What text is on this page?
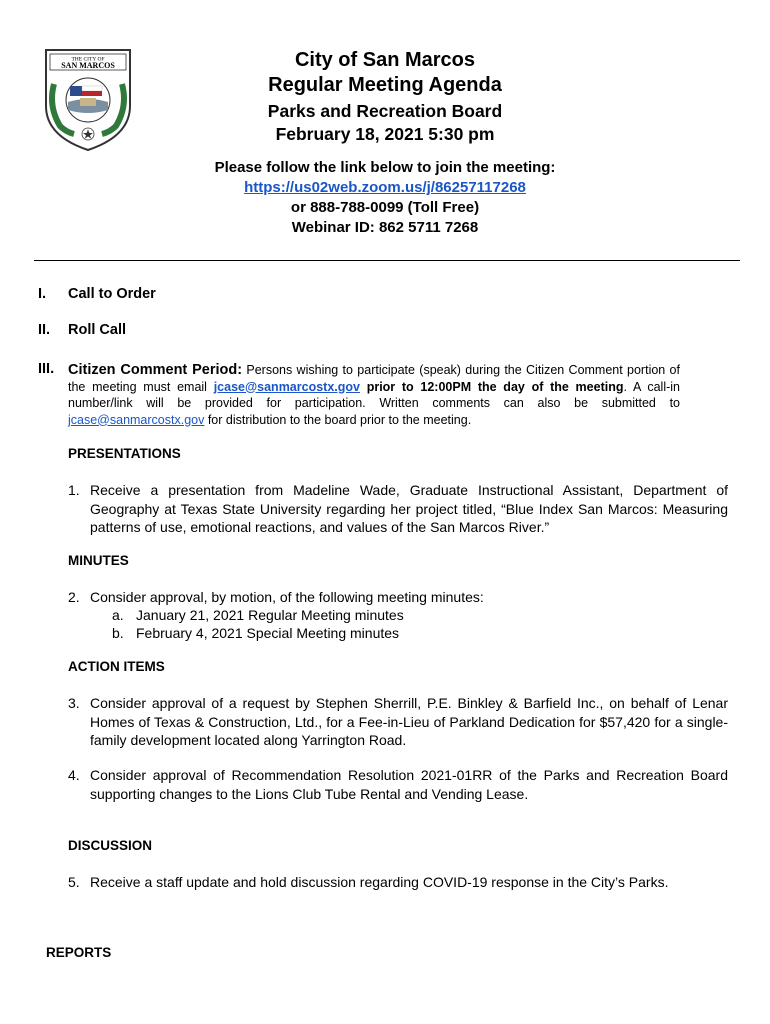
THE CITY OF
SAN MARCOS	City of San Marcos
Regular Meeting Agenda
Parks and Recreation Board
February 18, 2021 5:30 pm
Please follow the link below to join the meeting:
https://us02web.zoom.us/j/86257117268
or 888-788-0099 (Toll Free)
Webinar ID: 862 5711 7268
I. Call to Order
II. Roll Call
III. Citizen Comment Period: Persons wishing to participate (speak) during the Citizen Comment portion of the meeting must email jcase@sanmarcostx.gov prior to 12:00PM the day of the meeting. A call-in number/link will be provided for participation. Written comments can also be submitted to jcase@sanmarcostx.gov for distribution to the board prior to the meeting.
PRESENTATIONS
1. Receive a presentation from Madeline Wade, Graduate Instructional Assistant, Department of Geography at Texas State University regarding her project titled, “Blue Index San Marcos: Measuring patterns of use, emotional reactions, and values of the San Marcos River.”
MINUTES
2. Consider approval, by motion, of the following meeting minutes:
a. January 21, 2021 Regular Meeting minutes
b. February 4, 2021 Special Meeting minutes
ACTION ITEMS
3. Consider approval of a request by Stephen Sherrill, P.E. Binkley & Barfield Inc., on behalf of Lenar Homes of Texas & Construction, Ltd., for a Fee-in-Lieu of Parkland Dedication for $57,420 for a single-family development located along Yarrington Road.
4. Consider approval of Recommendation Resolution 2021-01RR of the Parks and Recreation Board supporting changes to the Lions Club Tube Rental and Vending Lease.
DISCUSSION
5. Receive a staff update and hold discussion regarding COVID-19 response in the City’s Parks.
REPORTS
